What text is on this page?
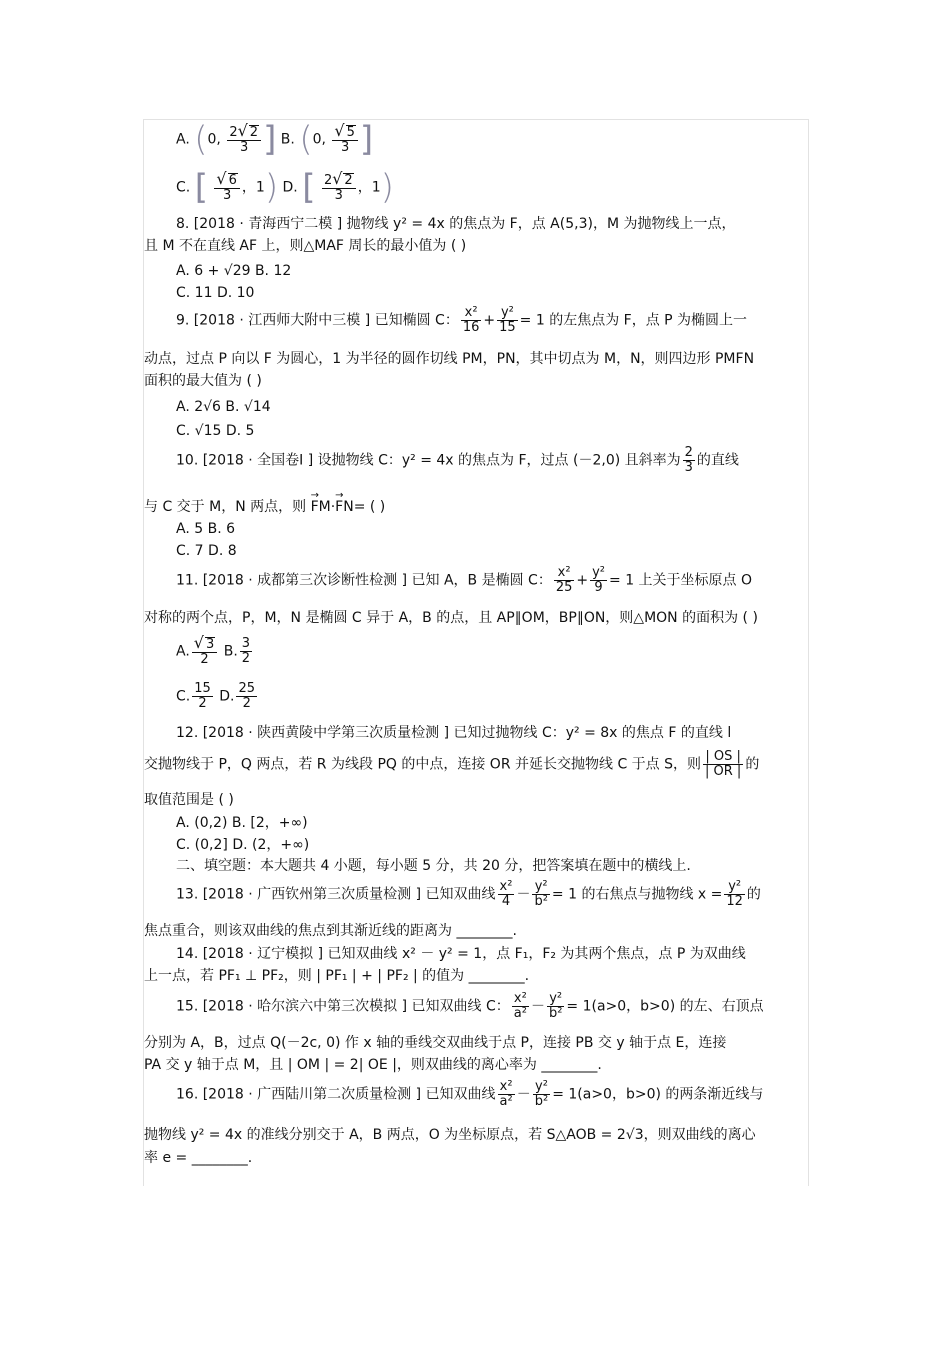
A. (0, $\frac{2√ 2}{3}$ ] B. (0, $\frac{√ 5}{3}$ ]
C. [ $\frac{√ 6}{3}$ ，1) D. [ $\frac{2√ 2}{3}$ ，1)
8. [2018 · 青海西宁二模 ] 抛物线 y² = 4x 的焦点为 F，点 A(5,3)，M 为抛物线上一点，
且 M 不在直线 AF 上，则△MAF 周长的最小值为 ( )
A. 6 + √29 B. 12
C. 11 D. 10
9. [2018 · 江西师大附中三模 ] 已知椭圆 C： $\frac{\text{x²}}{16} + \frac{\text{y²}}{15} = 1$ 的左焦点为 F，点 P 为椭圆上一
动点，过点 P 向以 F 为圆心，1 为半径的圆作切线 PM，PN，其中切点为 M，N，则四边形 PMFN
面积的最大值为 ( )
A. 2√6 B. √14
C. √15 D. 5
10. [2018 · 全国卷Ⅰ ] 设抛物线 C：y² = 4x 的焦点为 F，过点 (－2,0) 且斜率为 $\frac{2}{3}$ 的直线
与 C 交于 M，N 两点，则 → FM·→ FN= ( )
A. 5 B. 6
C. 7 D. 8
11. [2018 · 成都第三次诊断性检测 ] 已知 A，B 是椭圆 C： $\frac{\text{x²}}{25} + \frac{\text{y²}}{9} = 1$ 上关于坐标原点 O
对称的两个点，P，M，N 是椭圆 C 异于 A，B 的点，且 AP∥OM，BP∥ON，则△MON 的面积为 ( )
A. $\frac{√ 3}{2} B$. $\frac{3}{2}$
C. $\frac{15}{2} D$. $\frac{25}{2}$
12. [2018 · 陕西黄陵中学第三次质量检测 ] 已知过抛物线 C：y² = 8x 的焦点 F 的直线 l
交抛物线于 P，Q 两点，若 R 为线段 PQ 的中点，连接 OR 并延长交抛物线 C 于点 S，则 $\frac{| OS |}{| OR |}$ 的
取值范围是 ( )
A. (0,2) B. [2，+∞)
C. (0,2] D. (2，+∞)
二、填空题：本大题共 4 小题，每小题 5 分，共 20 分，把答案填在题中的横线上.
13. [2018 · 广西钦州第三次质量检测 ] 已知双曲线 $\frac{\text{x²}}{4} - \frac{\text{y²}}{\text{b²}} = 1$ 的右焦点与抛物线 $x = \frac{\text{y²}}{12}$ 的
焦点重合，则该双曲线的焦点到其渐近线的距离为 ________.
14. [2018 · 辽宁模拟 ] 已知双曲线 x² － y² = 1，点 F₁，F₂ 为其两个焦点，点 P 为双曲线
上一点，若 PF₁ ⊥ PF₂，则 | PF₁ | + | PF₂ | 的值为 ________.
15. [2018 · 哈尔滨六中第三次模拟 ] 已知双曲线 C： $\frac{\text{x²}}{\text{a²}} - \frac{\text{y²}}{\text{b²}} = 1(a>0$，b>0) 的左、右顶点
分别为 A，B，过点 Q(－2c, 0) 作 x 轴的垂线交双曲线于点 P，连接 PB 交 y 轴于点 E，连接
PA 交 y 轴于点 M，且 | OM | = 2| OE |，则双曲线的离心率为 ________.
16. [2018 · 广西陆川第二次质量检测 ] 已知双曲线 $\frac{\text{x²}}{\text{a²}} - \frac{\text{y²}}{\text{b²}} = 1(a>0$，b>0) 的两条渐近线与
抛物线 y² = 4x 的准线分别交于 A，B 两点，O 为坐标原点，若 S△AOB = 2√3，则双曲线的离心
率 e = ________.
